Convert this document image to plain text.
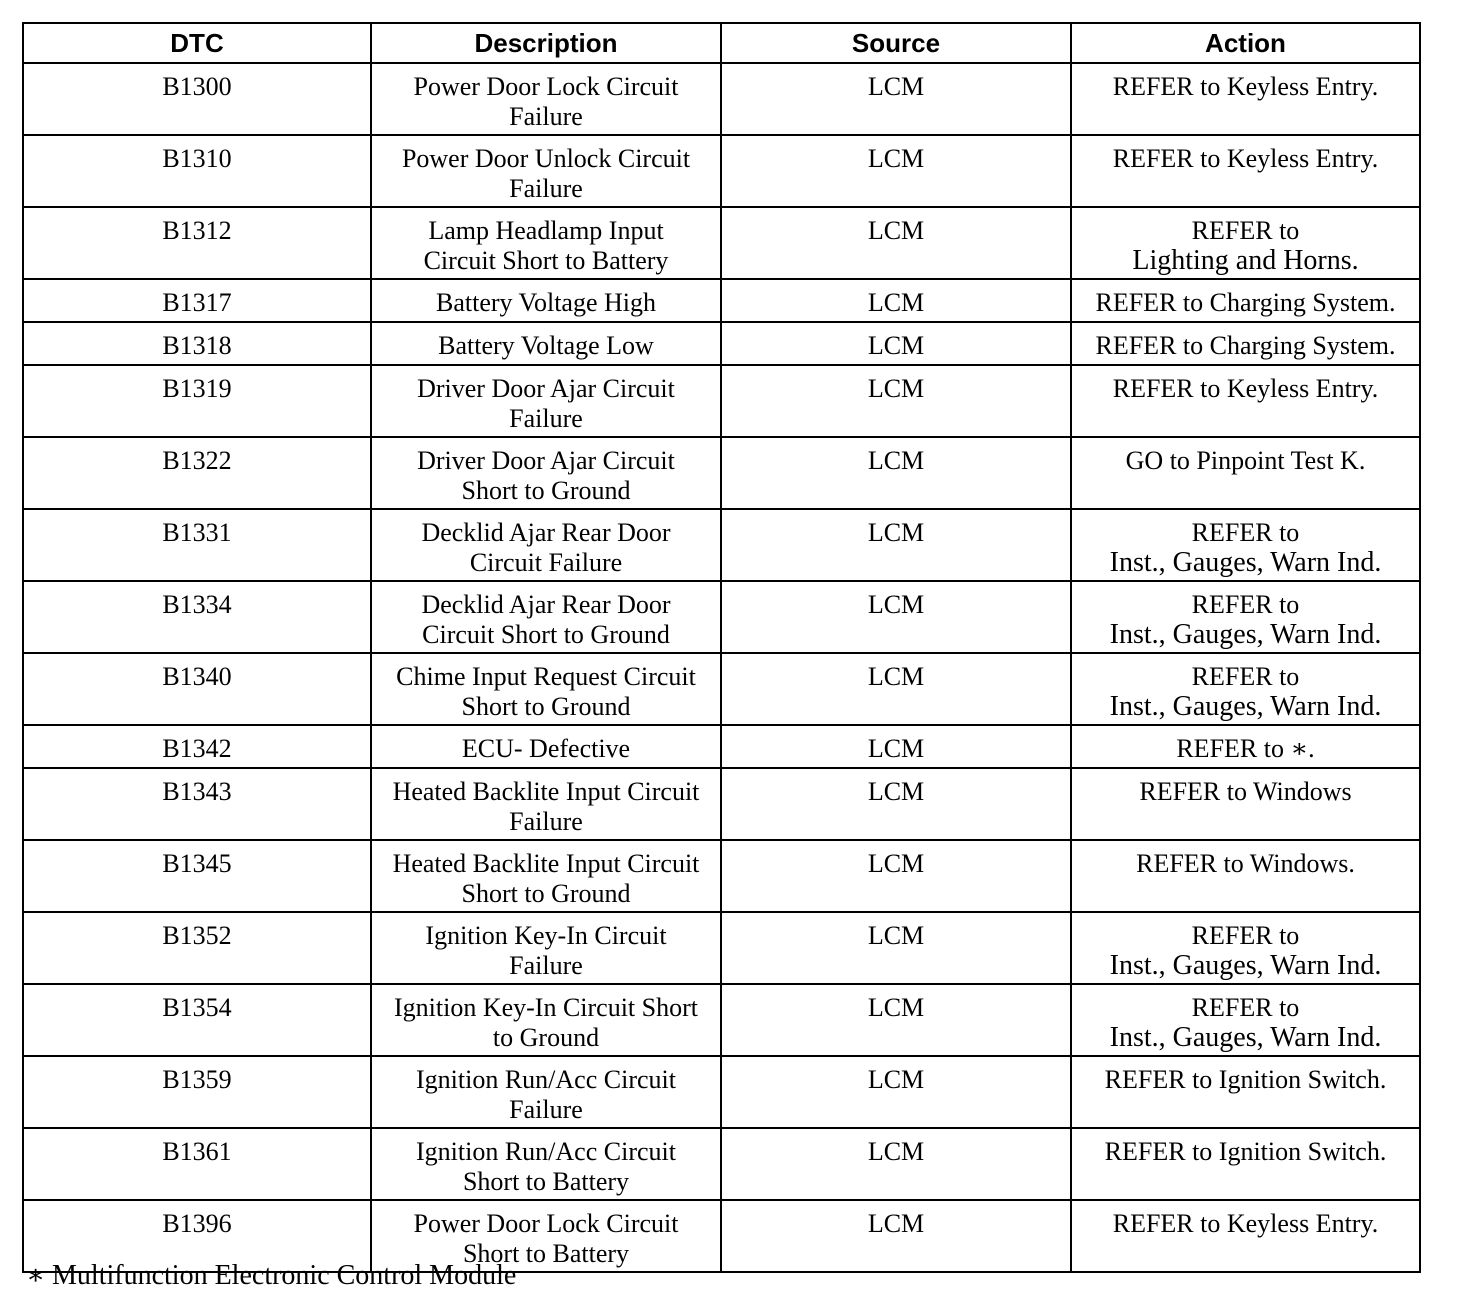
DTC	Description	Source	Action
B1300	Power Door Lock Circuit
Failure	LCM	REFER to Keyless Entry.

B1310	Power Door Unlock Circuit
Failure	LCM	REFER to Keyless Entry.

B1312	Lamp Headlamp Input
Circuit Short to Battery	LCM	REFER to
Lighting and Horns.

B1317	Battery Voltage High	LCM	REFER to Charging System.

B1318	Battery Voltage Low	LCM	REFER to Charging System.

B1319	Driver Door Ajar Circuit
Failure	LCM	REFER to Keyless Entry.

B1322	Driver Door Ajar Circuit
Short to Ground	LCM	GO to Pinpoint Test K.

B1331	Decklid Ajar Rear Door
Circuit Failure	LCM	REFER to
Inst., Gauges, Warn Ind.

B1334	Decklid Ajar Rear Door
Circuit Short to Ground	LCM	REFER to
Inst., Gauges, Warn Ind.

B1340	Chime Input Request Circuit
Short to Ground	LCM	REFER to
Inst., Gauges, Warn Ind.

B1342	ECU- Defective	LCM	REFER to ∗.

B1343	Heated Backlite Input Circuit
Failure	LCM	REFER to Windows

B1345	Heated Backlite Input Circuit
Short to Ground	LCM	REFER to Windows.

B1352	Ignition Key-In Circuit
Failure	LCM	REFER to
Inst., Gauges, Warn Ind.

B1354	Ignition Key-In Circuit Short
to Ground	LCM	REFER to
Inst., Gauges, Warn Ind.

B1359	Ignition Run/Acc Circuit
Failure	LCM	REFER to Ignition Switch.

B1361	Ignition Run/Acc Circuit
Short to Battery	LCM	REFER to Ignition Switch.

B1396	Power Door Lock Circuit
Short to Battery	LCM	REFER to Keyless Entry.
∗ Multifunction Electronic Control Module
